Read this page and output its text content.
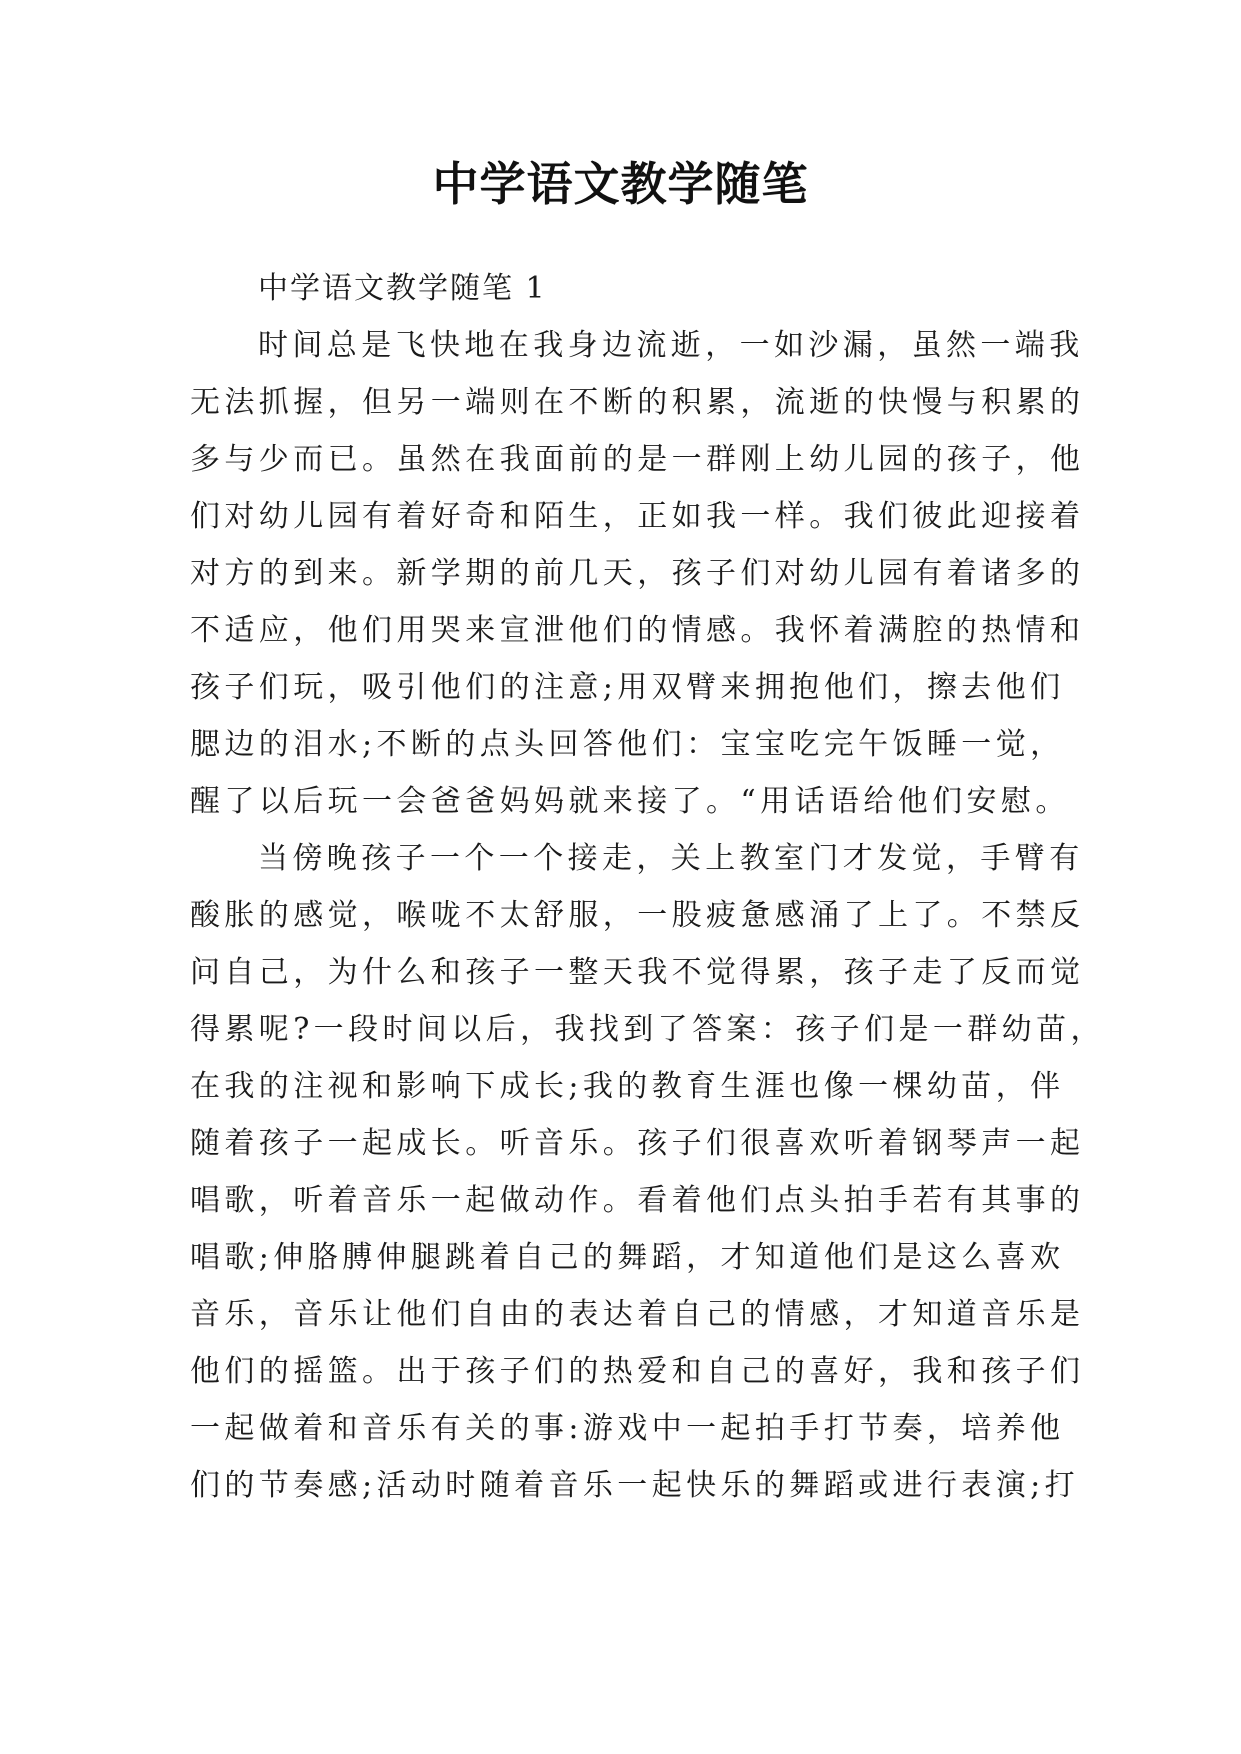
中学语文教学随笔
中学语文教学随笔 1
时间总是飞快地在我身边流逝，一如沙漏，虽然一端我
无法抓握，但另一端则在不断的积累，流逝的快慢与积累的
多与少而已。虽然在我面前的是一群刚上幼儿园的孩子，他
们对幼儿园有着好奇和陌生，正如我一样。我们彼此迎接着
对方的到来。新学期的前几天，孩子们对幼儿园有着诸多的
不适应，他们用哭来宣泄他们的情感。我怀着满腔的热情和
孩子们玩，吸引他们的注意;用双臂来拥抱他们，擦去他们
腮边的泪水;不断的点头回答他们：宝宝吃完午饭睡一觉，
醒了以后玩一会爸爸妈妈就来接了。“用话语给他们安慰。
当傍晚孩子一个一个接走，关上教室门才发觉，手臂有
酸胀的感觉，喉咙不太舒服，一股疲惫感涌了上了。不禁反
问自己，为什么和孩子一整天我不觉得累，孩子走了反而觉
得累呢?一段时间以后，我找到了答案：孩子们是一群幼苗，
在我的注视和影响下成长;我的教育生涯也像一棵幼苗，伴
随着孩子一起成长。听音乐。孩子们很喜欢听着钢琴声一起
唱歌，听着音乐一起做动作。看着他们点头拍手若有其事的
唱歌;伸胳膊伸腿跳着自己的舞蹈，才知道他们是这么喜欢
音乐，音乐让他们自由的表达着自己的情感，才知道音乐是
他们的摇篮。出于孩子们的热爱和自己的喜好，我和孩子们
一起做着和音乐有关的事:游戏中一起拍手打节奏，培养他
们的节奏感;活动时随着音乐一起快乐的舞蹈或进行表演;打
